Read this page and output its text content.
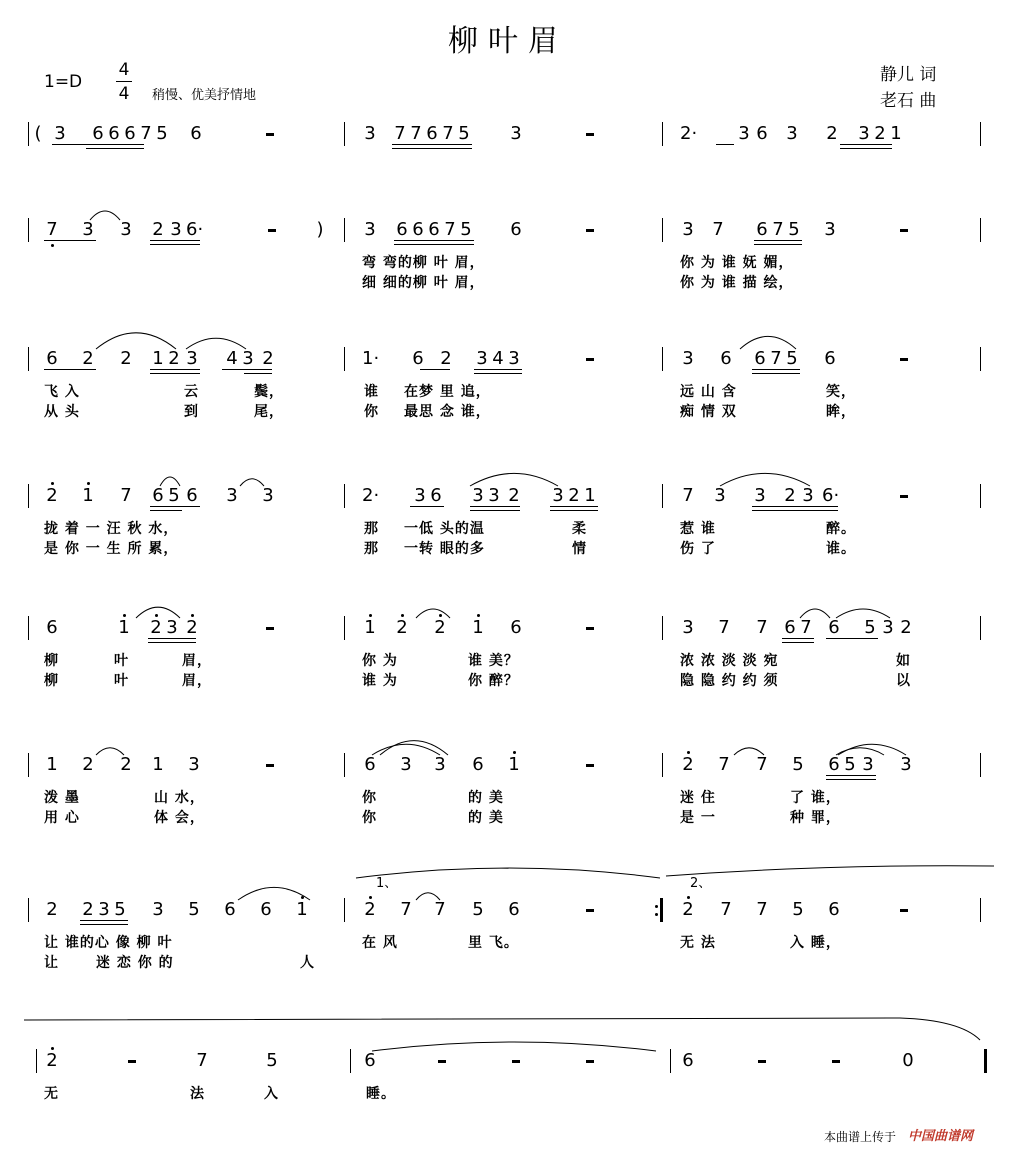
柳叶眉
1=D
4
4 稍慢、优美抒情地
静儿 词
老石 曲
( 3 6 6 6 7 5 6	3 7 7 6 7 5 3	2· 3 6 3 2 3 2 1
7 3 3 2 3 6·	) 3 6 6 6 7 5 6	3 7 6 7 5 3
弯 弯的柳 叶 眉，	你 为 谁 妩 媚，
细 细的柳 叶 眉，	你 为 谁 描 绘，
6 2 2 1 2 3 4 3 2	1· 6 2 3 4 3	3 6 6 7 5 6
飞 入	云	鬓，	谁 在梦 里 追，	远 山 含	笑，
从 头	到	尾，	你 最思 念 谁，	痴 情 双	眸，
2 1 7 6 5 6 3 3	2· 3 6 3 3 2 3 2 1	7 3 3 2 3 6·
拢 着 一 汪 秋 水，	那 一低 头的温	柔	惹 谁	醉。
是 你 一 生 所 累，	那 一转 眼的多	情	伤 了	谁。
6	1 2 3 2	1 2 2 1 6	3 7 7 6 7 6 5 3 2
柳	叶	眉，	你 为	谁 美？	浓 浓 淡 淡 宛	如
柳	叶	眉，	谁 为	你 醉？	隐 隐 约 约 须	以
1 2 2 1 3	6 3 3 6 1	2 7 7 5 6 5 3 3
泼 墨	山 水，	你	的 美	迷 住	了 谁，
用 心	体 会，	你	的 美	是 一	种 罪，
2 2 3 5 3 5 6 6 1	2 7 7 5 6	2 7 7 5 6
让 谁的心 像 柳 叶	在 风	里 飞。	无 法	入 睡，
让	迷 恋 你 的	人
1、	2、
2	7	5	6	6	0
无	法	入	睡。
本曲谱上传于 中国曲谱网
